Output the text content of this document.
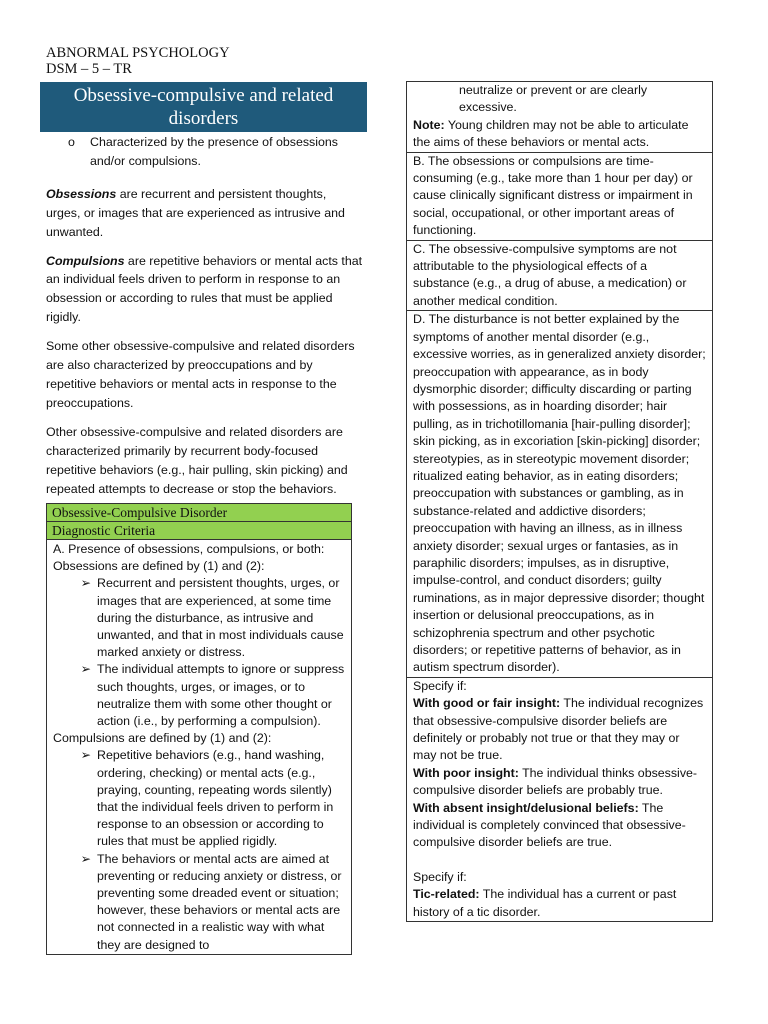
ABNORMAL PSYCHOLOGY
DSM – 5 – TR
Obsessive-compulsive and related
disorders
o	Characterized by the presence of obsessions and/or compulsions.

Obsessions are recurrent and persistent thoughts, urges, or images that are experienced as intrusive and unwanted.

Compulsions are repetitive behaviors or mental acts that an individual feels driven to perform in response to an obsession or according to rules that must be applied rigidly.

Some other obsessive-compulsive and related disorders are also characterized by preoccupations and by repetitive behaviors or mental acts in response to the preoccupations.

Other obsessive-compulsive and related disorders are characterized primarily by recurrent body-focused repetitive behaviors (e.g., hair pulling, skin picking) and repeated attempts to decrease or stop the behaviors.

Obsessive-Compulsive Disorder
Diagnostic Criteria
A. Presence of obsessions, compulsions, or both:
Obsessions are defined by (1) and (2):
➢ Recurrent and persistent thoughts, urges, or images that are experienced, at some time during the disturbance, as intrusive and unwanted, and that in most individuals cause marked anxiety or distress.
➢ The individual attempts to ignore or suppress such thoughts, urges, or images, or to neutralize them with some other thought or action (i.e., by performing a compulsion).
Compulsions are defined by (1) and (2):
➢ Repetitive behaviors (e.g., hand washing, ordering, checking) or mental acts (e.g., praying, counting, repeating words silently) that the individual feels driven to perform in response to an obsession or according to rules that must be applied rigidly.
➢ The behaviors or mental acts are aimed at preventing or reducing anxiety or distress, or preventing some dreaded event or situation; however, these behaviors or mental acts are not connected in a realistic way with what they are designed to
neutralize or prevent or are clearly excessive.
Note: Young children may not be able to articulate the aims of these behaviors or mental acts.
B. The obsessions or compulsions are time-consuming (e.g., take more than 1 hour per day) or cause clinically significant distress or impairment in social, occupational, or other important areas of functioning.
C. The obsessive-compulsive symptoms are not attributable to the physiological effects of a substance (e.g., a drug of abuse, a medication) or another medical condition.
D. The disturbance is not better explained by the symptoms of another mental disorder (e.g., excessive worries, as in generalized anxiety disorder; preoccupation with appearance, as in body dysmorphic disorder; difficulty discarding or parting with possessions, as in hoarding disorder; hair pulling, as in trichotillomania [hair-pulling disorder]; skin picking, as in excoriation [skin-picking] disorder; stereotypies, as in stereotypic movement disorder; ritualized eating behavior, as in eating disorders; preoccupation with substances or gambling, as in substance-related and addictive disorders; preoccupation with having an illness, as in illness anxiety disorder; sexual urges or fantasies, as in paraphilic disorders; impulses, as in disruptive, impulse-control, and conduct disorders; guilty ruminations, as in major depressive disorder; thought insertion or delusional preoccupations, as in schizophrenia spectrum and other psychotic disorders; or repetitive patterns of behavior, as in autism spectrum disorder).
Specify if:
With good or fair insight: The individual recognizes that obsessive-compulsive disorder beliefs are definitely or probably not true or that they may or may not be true.
With poor insight: The individual thinks obsessive-compulsive disorder beliefs are probably true.
With absent insight/delusional beliefs: The individual is completely convinced that obsessive-compulsive disorder beliefs are true.
Specify if:
Tic-related: The individual has a current or past history of a tic disorder.
